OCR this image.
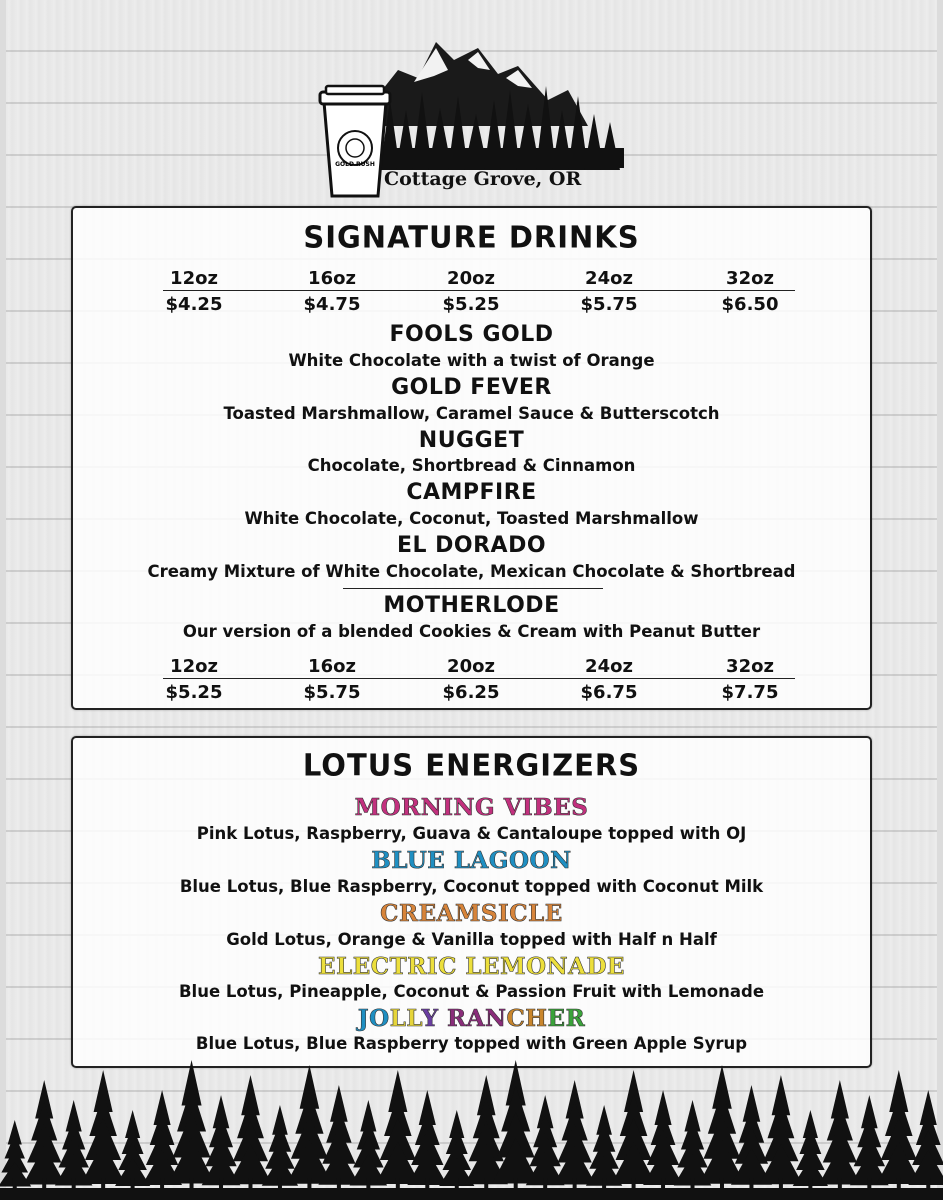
GOLD RUSH
Cottage Grove, OR
SIGNATURE DRINKS
12oz	16oz	20oz	24oz	32oz
$4.25	$4.75	$5.25	$5.75	$6.50
FOOLS GOLD
White Chocolate with a twist of Orange
GOLD FEVER
Toasted Marshmallow, Caramel Sauce & Butterscotch
NUGGET
Chocolate, Shortbread & Cinnamon
CAMPFIRE
White Chocolate, Coconut, Toasted Marshmallow
EL DORADO
Creamy Mixture of White Chocolate, Mexican Chocolate & Shortbread
MOTHERLODE
Our version of a blended Cookies & Cream with Peanut Butter
12oz	16oz	20oz	24oz	32oz
$5.25	$5.75	$6.25	$6.75	$7.75
LOTUS ENERGIZERS
MORNING VIBES
Pink Lotus, Raspberry, Guava & Cantaloupe topped with OJ
BLUE LAGOON
Blue Lotus, Blue Raspberry, Coconut topped with Coconut Milk
CREAMSICLE
Gold Lotus, Orange & Vanilla topped with Half n Half
ELECTRIC LEMONADE
Blue Lotus, Pineapple, Coconut & Passion Fruit with Lemonade
JOLLY RANCHER
Blue Lotus, Blue Raspberry topped with Green Apple Syrup
